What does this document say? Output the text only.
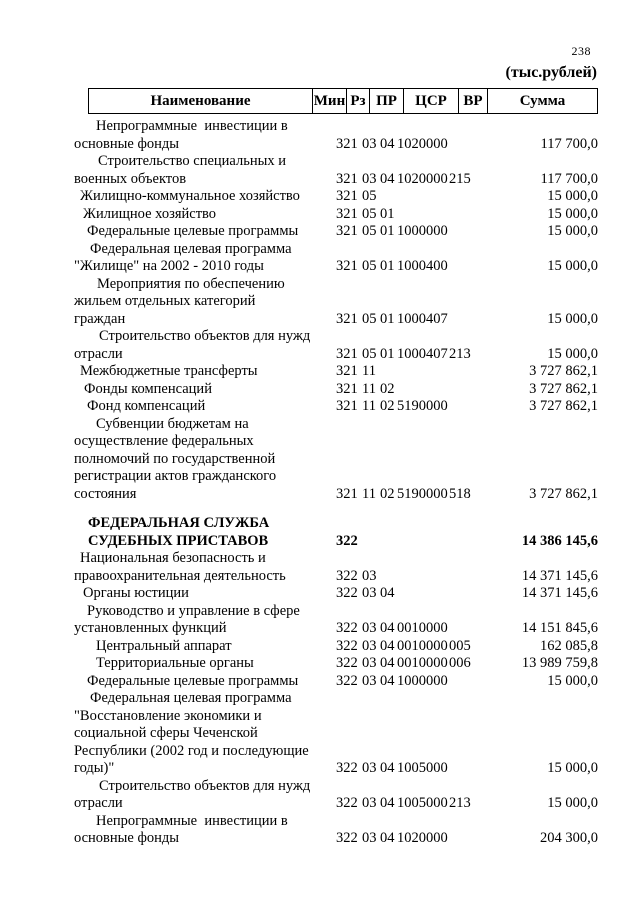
238
(тыс.рублей)
Наименование	Мин Рз ПР	ЦСР	ВР	Сумма
Непрограммные  инвестиции в
основные фонды	321 03 04 1020000	117 700,0
Строительство специальных и
военных объектов	321 03 04 1020000 215	117 700,0
Жилищно-коммунальное хозяйство	321 05	15 000,0
Жилищное хозяйство	321 05 01	15 000,0
Федеральные целевые программы	321 05 01 1000000	15 000,0
Федеральная целевая программа
"Жилище" на 2002 - 2010 годы	321 05 01 1000400	15 000,0
Мероприятия по обеспечению
жильем отдельных категорий
граждан	321 05 01 1000407	15 000,0
Строительство объектов для нужд
отрасли	321 05 01 1000407 213	15 000,0
Межбюджетные трансферты	321 11	3 727 862,1
Фонды компенсаций	321 11 02	3 727 862,1
Фонд компенсаций	321 11 02 5190000	3 727 862,1
Субвенции бюджетам на
осуществление федеральных
полномочий по государственной
регистрации актов гражданского
состояния	321 11 02 5190000 518	3 727 862,1
ФЕДЕРАЛЬНАЯ СЛУЖБА
СУДЕБНЫХ ПРИСТАВОВ	322	14 386 145,6
Национальная безопасность и
правоохранительная деятельность	322 03	14 371 145,6
Органы юстиции	322 03 04	14 371 145,6
Руководство и управление в сфере
установленных функций	322 03 04 0010000	14 151 845,6
Центральный аппарат	322 03 04 0010000 005	162 085,8
Территориальные органы	322 03 04 0010000 006	13 989 759,8
Федеральные целевые программы	322 03 04 1000000	15 000,0
Федеральная целевая программа
"Восстановление экономики и
социальной сферы Чеченской
Республики (2002 год и последующие
годы)"	322 03 04 1005000	15 000,0
Строительство объектов для нужд
отрасли	322 03 04 1005000 213	15 000,0
Непрограммные  инвестиции в
основные фонды	322 03 04 1020000	204 300,0
